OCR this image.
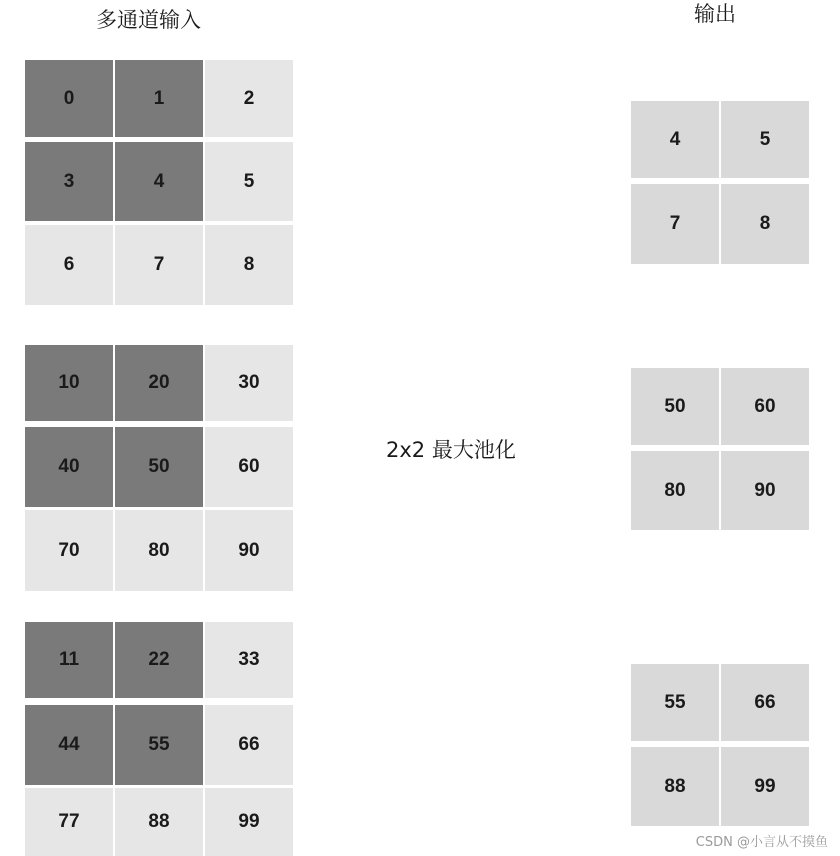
多通道输入	输出
0	1	2
3	4	5
6	7	8
10	20	30
40	50	60
70	80	90
11	22	33
44	55	66
77	88	99
4	5
7	8
50	60
80	90
55	66
88	99
2x2 最大池化
CSDN @小言从不摸鱼
